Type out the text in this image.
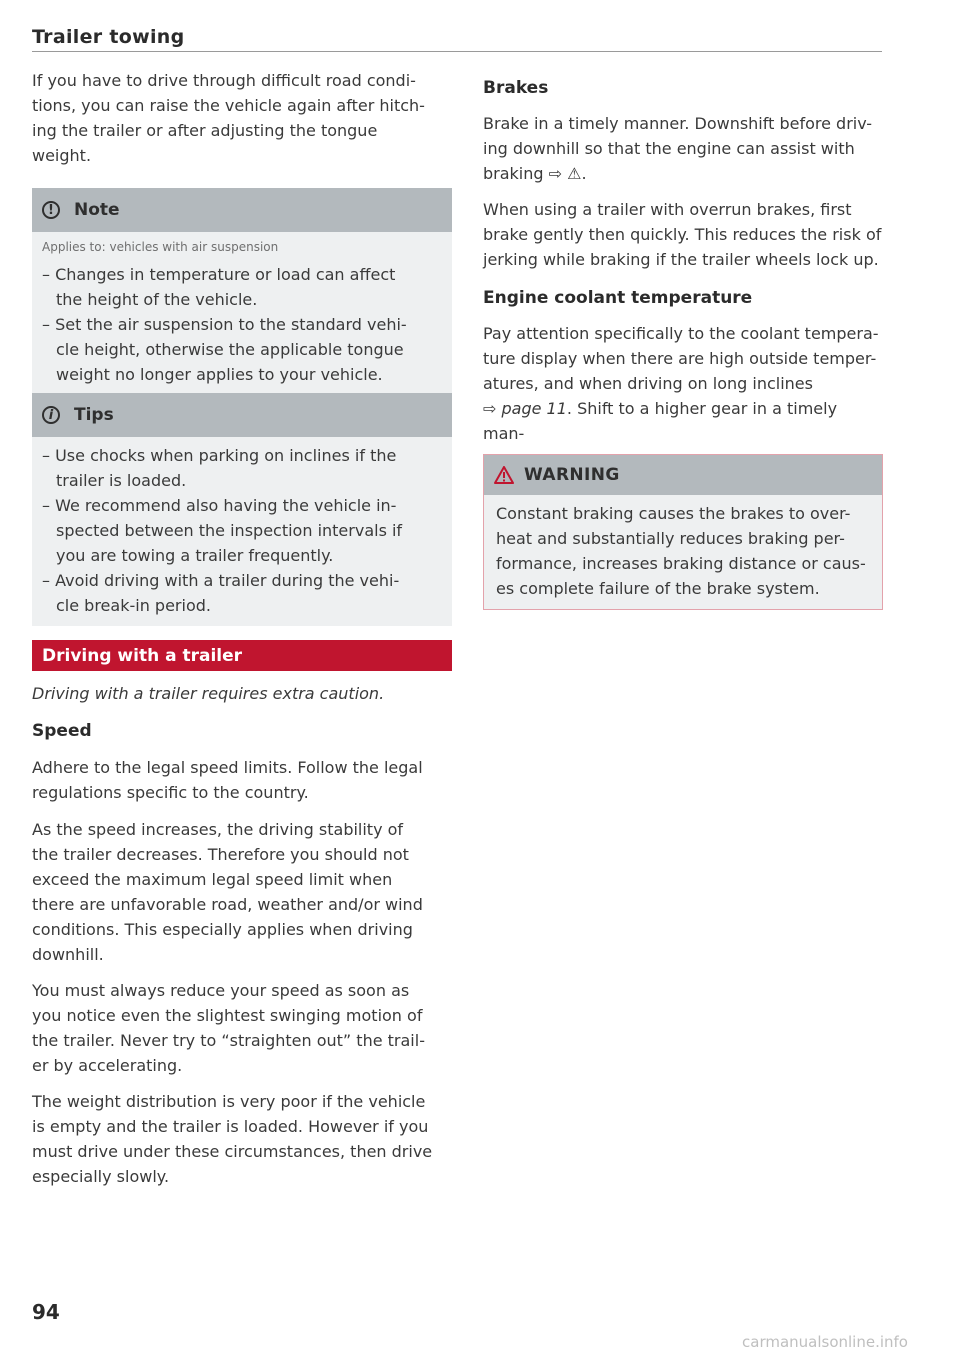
Trailer towing

If you have to drive through difficult road condi-
tions, you can raise the vehicle again after hitch-
ing the trailer or after adjusting the tongue
weight.

!	Note
Applies to: vehicles with air suspension
– Changes in temperature or load can affect
the height of the vehicle.
– Set the air suspension to the standard vehi-
cle height, otherwise the applicable tongue
weight no longer applies to your vehicle.
i	Tips
– Use chocks when parking on inclines if the
trailer is loaded.
– We recommend also having the vehicle in-
spected between the inspection intervals if
you are towing a trailer frequently.
– Avoid driving with a trailer during the vehi-
cle break-in period.
Driving with a trailer

Driving with a trailer requires extra caution.

Speed

Adhere to the legal speed limits. Follow the legal
regulations specific to the country.

As the speed increases, the driving stability of
the trailer decreases. Therefore you should not
exceed the maximum legal speed limit when
there are unfavorable road, weather and/or wind
conditions. This especially applies when driving
downhill.

You must always reduce your speed as soon as
you notice even the slightest swinging motion of
the trailer. Never try to “straighten out” the trail-
er by accelerating.

The weight distribution is very poor if the vehicle
is empty and the trailer is loaded. However if you
must drive under these circumstances, then drive
especially slowly.

Brakes

Brake in a timely manner. Downshift before driv-
ing downhill so that the engine can assist with
braking ⇨ ⚠.

When using a trailer with overrun brakes, first
brake gently then quickly. This reduces the risk of
jerking while braking if the trailer wheels lock up.

Engine coolant temperature

Pay attention specifically to the coolant tempera-
ture display when there are high outside temper-
atures, and when driving on long inclines

⇨ page 11. Shift to a higher gear in a timely man-

WARNING
Constant braking causes the brakes to over-
heat and substantially reduces braking per-
formance, increases braking distance or caus-
es complete failure of the brake system.
94
carmanualsonline.info
